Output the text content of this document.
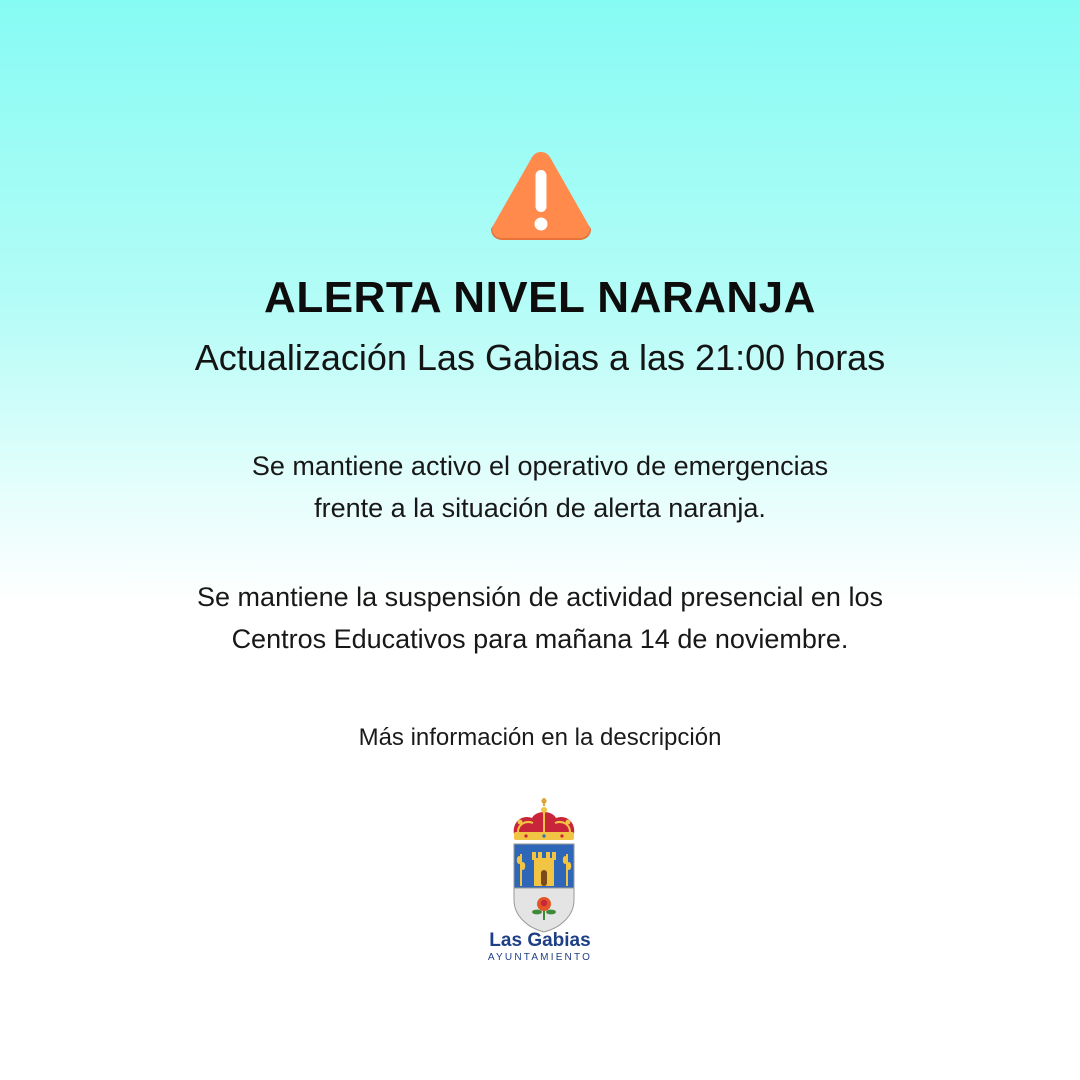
ALERTA NIVEL NARANJA
Actualización Las Gabias a las 21:00 horas
Se mantiene activo el operativo de emergencias
frente a la situación de alerta naranja.
Se mantiene la suspensión de actividad presencial en los
Centros Educativos para mañana 14 de noviembre.
Más información en la descripción
Las Gabias
AYUNTAMIENTO
